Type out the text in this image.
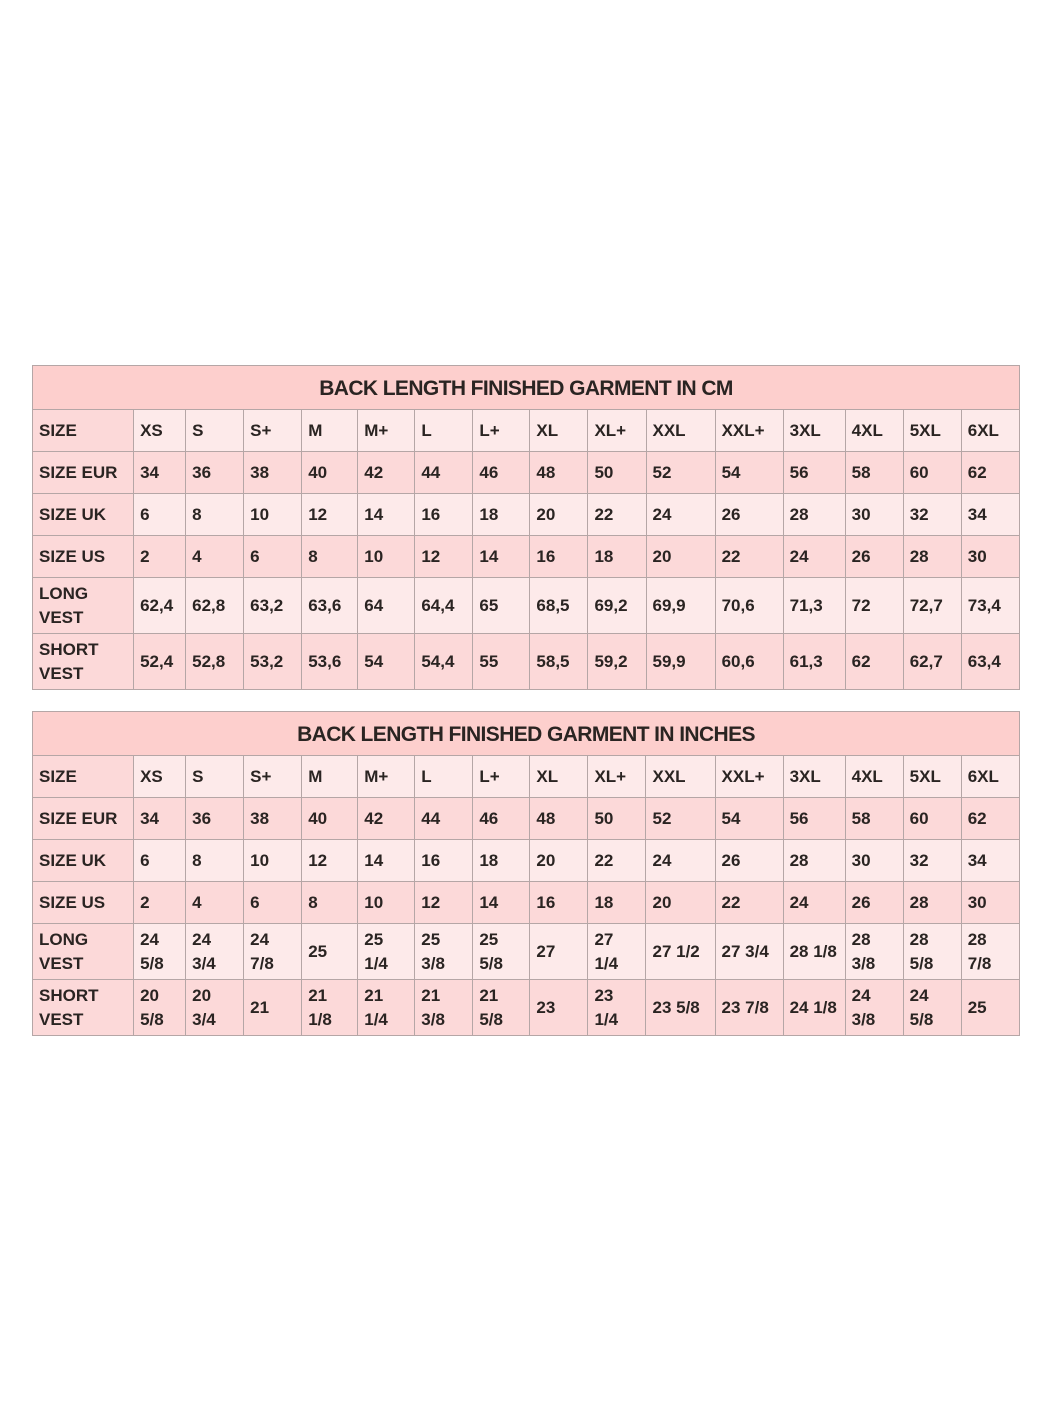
BACK LENGTH FINISHED GARMENT IN CM															
SIZE	XS	S	S+	M	M+	L	L+	XL	XL+	XXL	XXL+	3XL	4XL	5XL	6XL
SIZE EUR	34	36	38	40	42	44	46	48	50	52	54	56	58	60	62
SIZE UK	6	8	10	12	14	16	18	20	22	24	26	28	30	32	34
SIZE US	2	4	6	8	10	12	14	16	18	20	22	24	26	28	30
LONG VEST	62,4	62,8	63,2	63,6	64	64,4	65	68,5	69,2	69,9	70,6	71,3	72	72,7	73,4
SHORT VEST	52,4	52,8	53,2	53,6	54	54,4	55	58,5	59,2	59,9	60,6	61,3	62	62,7	63,4
BACK LENGTH FINISHED GARMENT IN INCHES															
SIZE	XS	S	S+	M	M+	L	L+	XL	XL+	XXL	XXL+	3XL	4XL	5XL	6XL
SIZE EUR	34	36	38	40	42	44	46	48	50	52	54	56	58	60	62
SIZE UK	6	8	10	12	14	16	18	20	22	24	26	28	30	32	34
SIZE US	2	4	6	8	10	12	14	16	18	20	22	24	26	28	30
LONG VEST	24 5/8	24 3/4	24 7/8	25	25 1/4	25 3/8	25 5/8	27	27 1/4	27 1/2	27 3/4	28 1/8	28 3/8	28 5/8	28 7/8
SHORT VEST	20 5/8	20 3/4	21	21 1/8	21 1/4	21 3/8	21 5/8	23	23 1/4	23 5/8	23 7/8	24 1/8	24 3/8	24 5/8	25
